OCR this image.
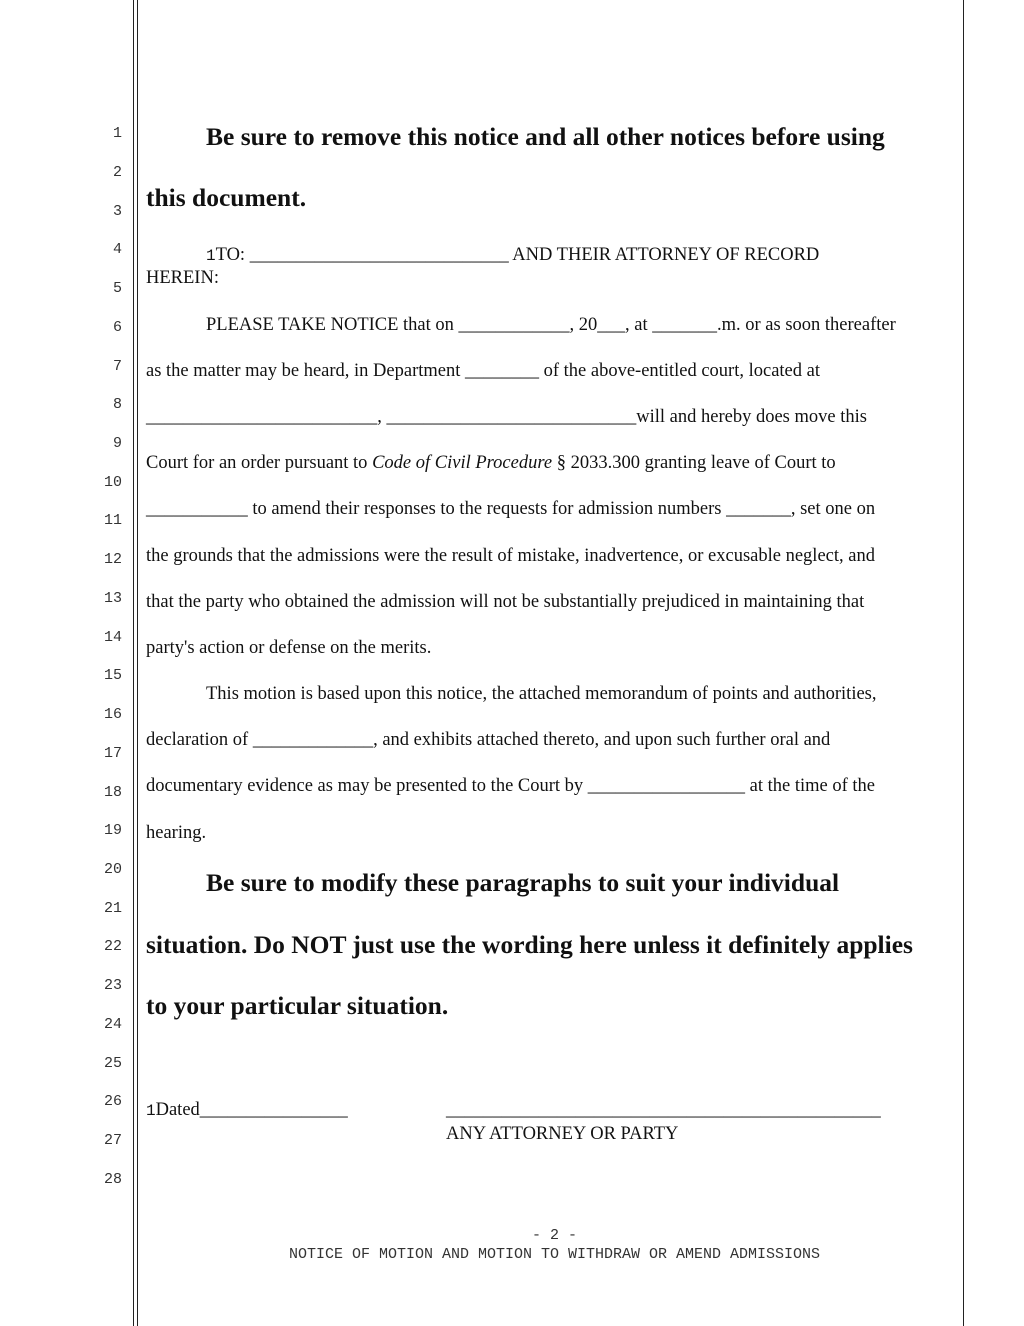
1
2
3
4
5
6
7
8
9
10
11
12
13
14
15
16
17
18
19
20
21
22
23
24
25
26
27
28
Be sure to remove this notice and all other notices before using
this document.
1TO: ____________________________ AND THEIR ATTORNEY OF RECORD
HEREIN:
PLEASE TAKE NOTICE that on ____________, 20___, at _______.m. or as soon thereafter
as the matter may be heard, in Department ________ of the above-entitled court, located at
_________________________, ___________________________will and hereby does move this
Court for an order pursuant to Code of Civil Procedure § 2033.300 granting leave of Court to
___________ to amend their responses to the requests for admission numbers _______, set one on
the grounds that the admissions were the result of mistake, inadvertence, or excusable neglect, and
that the party who obtained the admission will not be substantially prejudiced in maintaining that
party's action or defense on the merits.
This motion is based upon this notice, the attached memorandum of points and authorities,
declaration of _____________, and exhibits attached thereto, and upon such further oral and
documentary evidence as may be presented to the Court by _________________ at the time of the
hearing.
Be sure to modify these paragraphs to suit your individual
situation. Do NOT just use the wording here unless it definitely applies
to your particular situation.
1Dated________________	_______________________________________________
ANY ATTORNEY OR PARTY
- 2 -
NOTICE OF MOTION AND MOTION TO WITHDRAW OR AMEND ADMISSIONS
